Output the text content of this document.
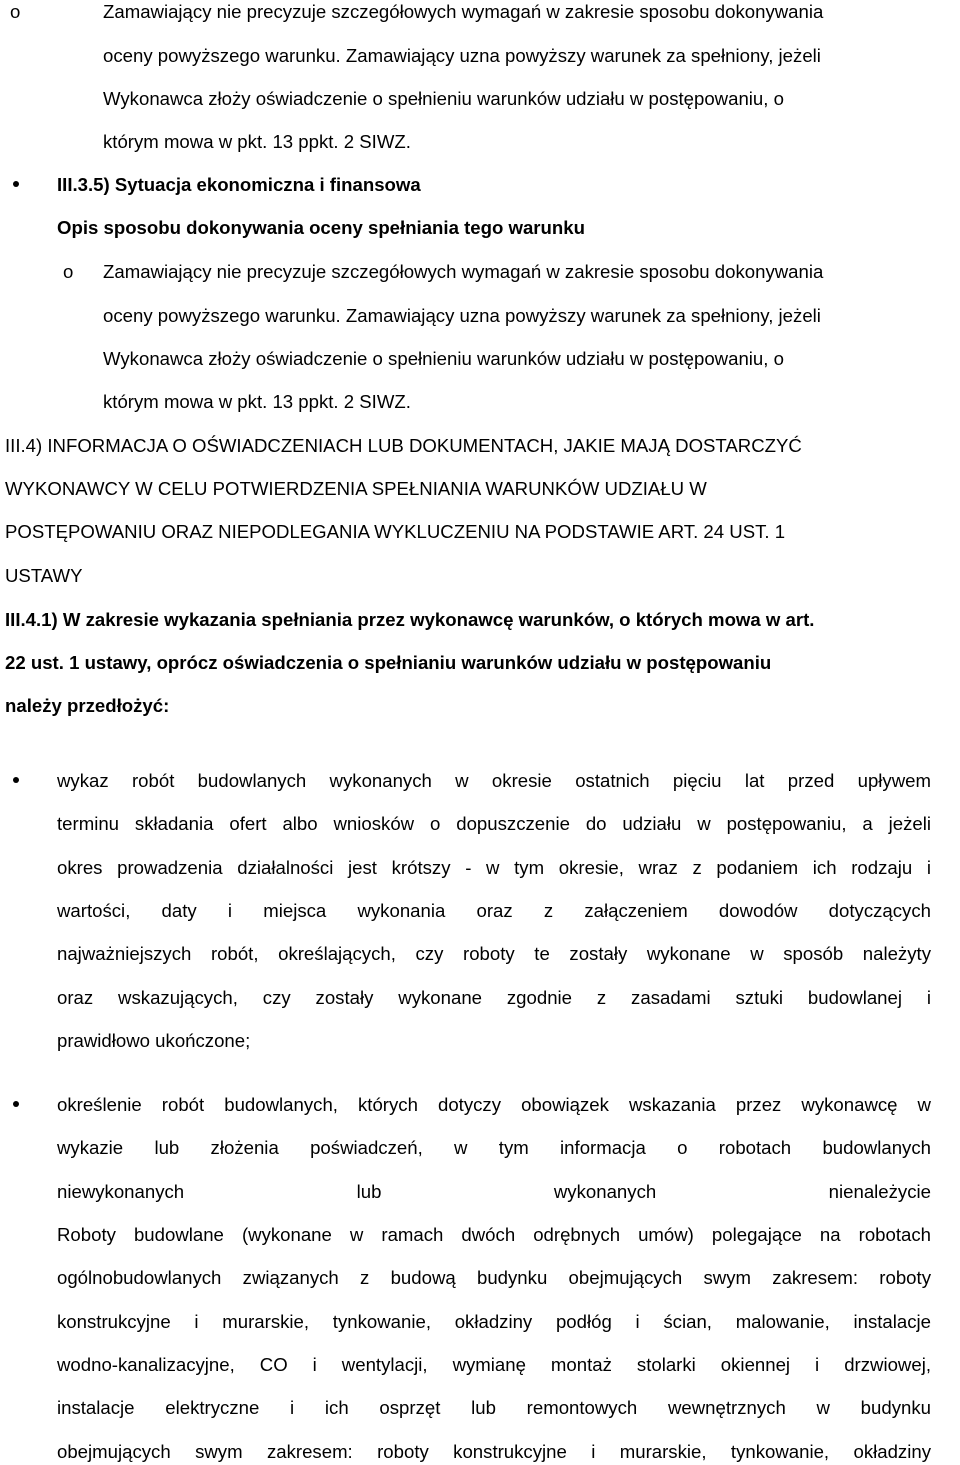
o	Zamawiający nie precyzuje szczegółowych wymagań w zakresie sposobu dokonywania
oceny powyższego warunku. Zamawiający uzna powyższy warunek za spełniony, jeżeli
Wykonawca złoży oświadczenie o spełnieniu warunków udziału w postępowaniu, o
którym mowa w pkt. 13 ppkt. 2 SIWZ.
III.3.5) Sytuacja ekonomiczna i finansowa
Opis sposobu dokonywania oceny spełniania tego warunku
o Zamawiający nie precyzuje szczegółowych wymagań w zakresie sposobu dokonywania
oceny powyższego warunku. Zamawiający uzna powyższy warunek za spełniony, jeżeli
Wykonawca złoży oświadczenie o spełnieniu warunków udziału w postępowaniu, o
którym mowa w pkt. 13 ppkt. 2 SIWZ.
III.4) INFORMACJA O OŚWIADCZENIACH LUB DOKUMENTACH, JAKIE MAJĄ DOSTARCZYĆ
WYKONAWCY W CELU POTWIERDZENIA SPEŁNIANIA WARUNKÓW UDZIAŁU W
POSTĘPOWANIU ORAZ NIEPODLEGANIA WYKLUCZENIU NA PODSTAWIE ART. 24 UST. 1
USTAWY
III.4.1) W zakresie wykazania spełniania przez wykonawcę warunków, o których mowa w art.
22 ust. 1 ustawy, oprócz oświadczenia o spełnianiu warunków udziału w postępowaniu
należy przedłożyć:
wykaz robót budowlanych wykonanych w okresie ostatnich pięciu lat przed upływem
terminu składania ofert albo wniosków o dopuszczenie do udziału w postępowaniu, a jeżeli
okres prowadzenia działalności jest krótszy - w tym okresie, wraz z podaniem ich rodzaju i
wartości, daty i miejsca wykonania oraz z załączeniem dowodów dotyczących
najważniejszych robót, określających, czy roboty te zostały wykonane w sposób należyty
oraz wskazujących, czy zostały wykonane zgodnie z zasadami sztuki budowlanej i
prawidłowo ukończone;
określenie robót budowlanych, których dotyczy obowiązek wskazania przez wykonawcę w
wykazie lub złożenia poświadczeń, w tym informacja o robotach budowlanych
niewykonanych lub wykonanych nienależycie
Roboty budowlane (wykonane w ramach dwóch odrębnych umów) polegające na robotach
ogólnobudowlanych związanych z budową budynku obejmujących swym zakresem: roboty
konstrukcyjne i murarskie, tynkowanie, okładziny podłóg i ścian, malowanie, instalacje
wodno-kanalizacyjne, CO i wentylacji, wymianę montaż stolarki okiennej i drzwiowej,
instalacje elektryczne i ich osprzęt lub remontowych wewnętrznych w budynku
obejmujących swym zakresem: roboty konstrukcyjne i murarskie, tynkowanie, okładziny
